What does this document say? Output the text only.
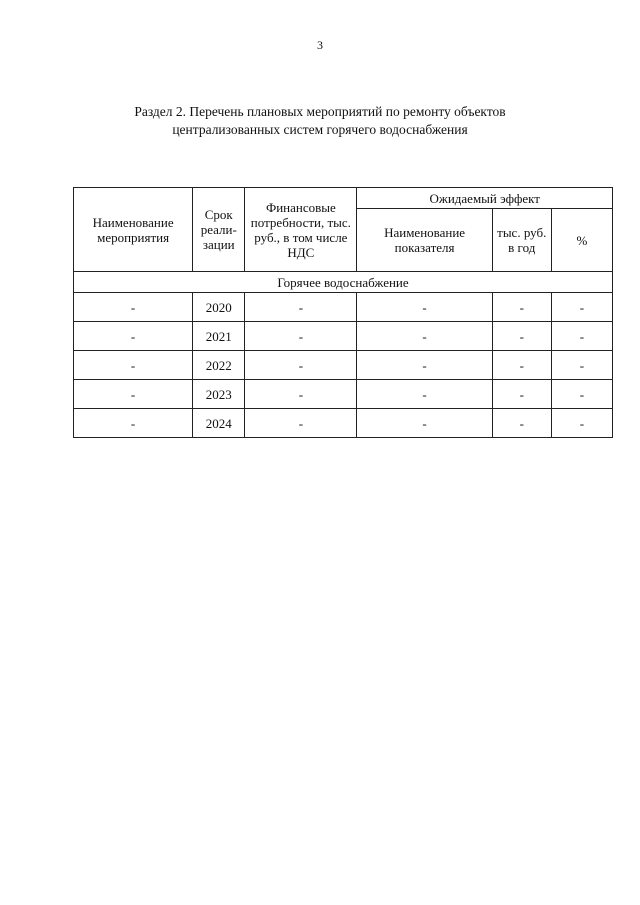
3
Раздел 2. Перечень плановых мероприятий по ремонту объектов
централизованных систем горячего водоснабжения
Наименование мероприятия	Срок реали-зации	Финансовые потребности, тыс. руб., в том числе НДС	Ожидаемый эффект		
			Наименование показателя	тыс. руб. в год	%
Горячее водоснабжение					
-	2020	-	-	-	-
-	2021	-	-	-	-
-	2022	-	-	-	-
-	2023	-	-	-	-
-	2024	-	-	-	-
